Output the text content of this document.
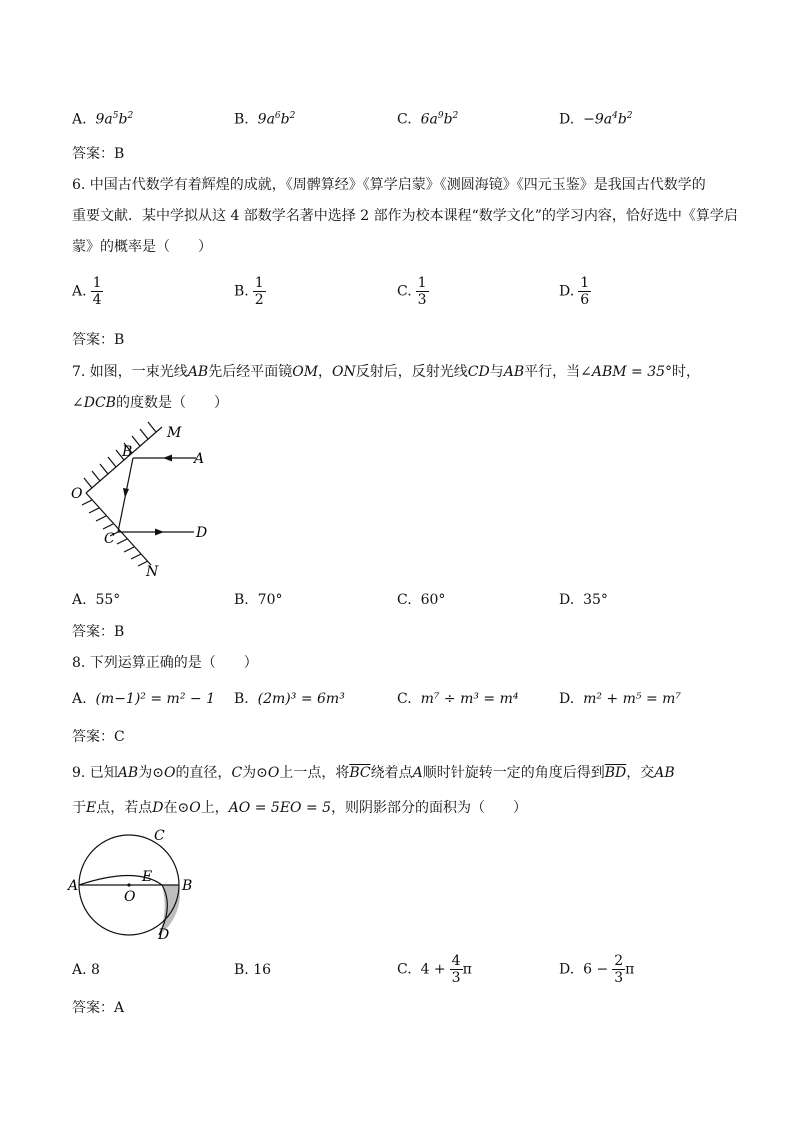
A. $9a^5b^2$	B. $9a^6b^2$	C. $6a^9b^2$	D. $-9a^4b^2$
答案：B
6. 中国古代数学有着辉煌的成就，《周髀算经》《算学启蒙》《测圆海镜》《四元玉鉴》是我国古代数学的
重要文献．某中学拟从这 4 部数学名著中选择 2 部作为校本课程“数学文化”的学习内容，恰好选中《算学启
蒙》的概率是（　　）
A. $\frac{1}{4}$	B. $\frac{1}{2}$	C. $\frac{1}{3}$	D. $\frac{1}{6}$
答案：B
7. 如图，一束光线AB先后经平面镜OM，ON反射后，反射光线CD与AB平行，当∠ABM = 35°时，
∠DCB的度数是（　　）
M
A
B
O
C	D
N
A. 55°	B. 70°	C. 60°	D. 35°
答案：B
8. 下列运算正确的是（　　）
A. (m−1)² = m² − 1 B. (2m)³ = 6m³	C. m⁷ ÷ m³ = m⁴	D. m² + m⁵ = m⁷
答案：C
9. 已知AB为⊙O的直径，C为⊙O上一点，将$\overline{BC}$绕着点A顺时针旋转一定的角度后得到$\overline{BD}$，交AB
于E点，若点D在⊙O上，AO = 5EO = 5，则阴影部分的面积为（　　）
C
A
E
B
O
D
A. 8	B. 16	C. $4 + \frac{4}{3}$ π	D. $6 - \frac{2}{3}$ π
答案：A
